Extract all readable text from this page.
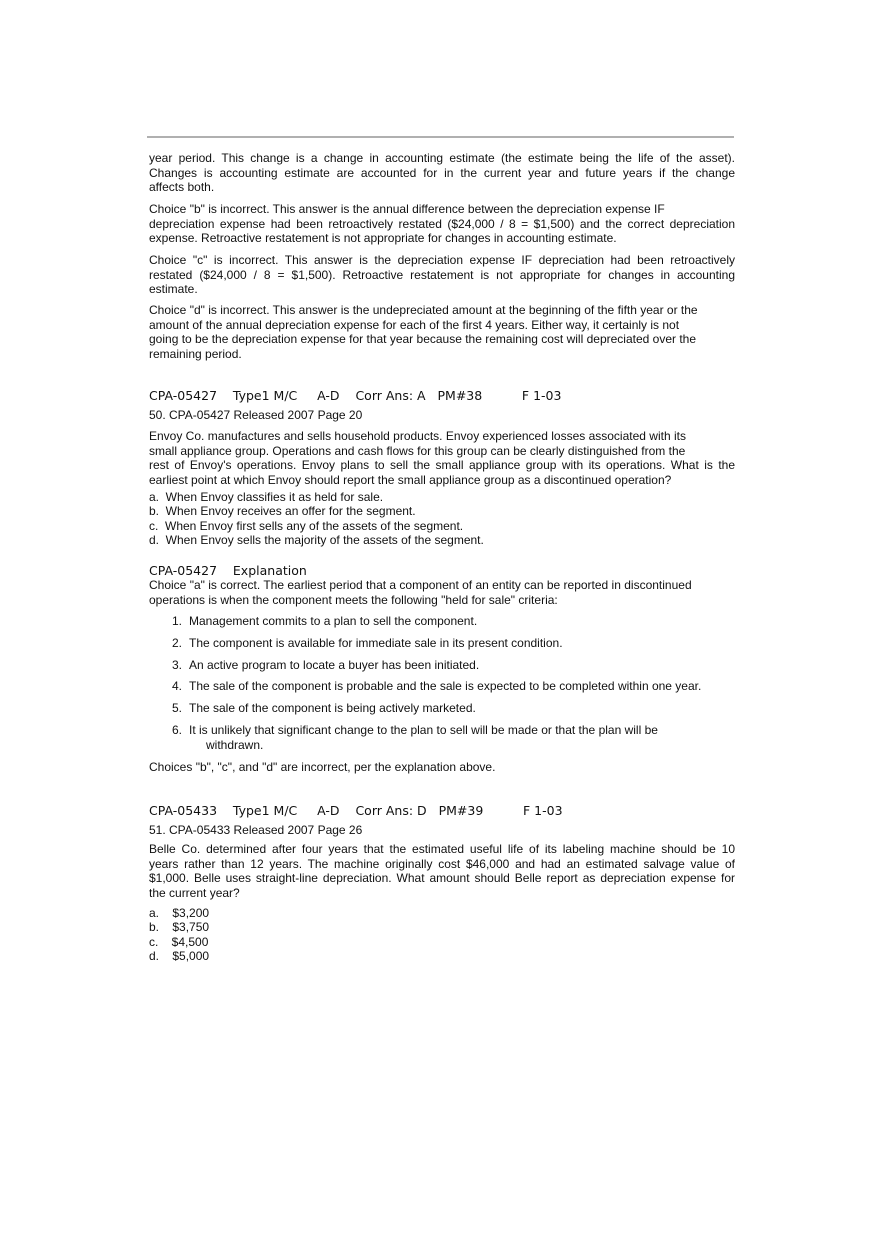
year period. This change is a change in accounting estimate (the estimate being the life of the asset).
Changes is accounting estimate are accounted for in the current year and future years if the change
affects both.
Choice "b" is incorrect. This answer is the annual difference between the depreciation expense IF
depreciation expense had been retroactively restated ($24,000 / 8 = $1,500) and the correct depreciation
expense. Retroactive restatement is not appropriate for changes in accounting estimate.
Choice "c" is incorrect. This answer is the depreciation expense IF depreciation had been retroactively
restated ($24,000 / 8 = $1,500). Retroactive restatement is not appropriate for changes in accounting
estimate.
Choice "d" is incorrect. This answer is the undepreciated amount at the beginning of the fifth year or the
amount of the annual depreciation expense for each of the first 4 years. Either way, it certainly is not
going to be the depreciation expense for that year because the remaining cost will depreciated over the
remaining period.
CPA-05427    Type1 M/C     A-D    Corr Ans: A   PM#38          F 1-03
50. CPA-05427 Released 2007 Page 20
Envoy Co. manufactures and sells household products. Envoy experienced losses associated with its
small appliance group. Operations and cash flows for this group can be clearly distinguished from the
rest of Envoy's operations. Envoy plans to sell the small appliance group with its operations. What is the
earliest point at which Envoy should report the small appliance group as a discontinued operation?
a.  When Envoy classifies it as held for sale.
b.  When Envoy receives an offer for the segment.
c.  When Envoy first sells any of the assets of the segment.
d.  When Envoy sells the majority of the assets of the segment.
CPA-05427    Explanation
Choice "a" is correct. The earliest period that a component of an entity can be reported in discontinued
operations is when the component meets the following "held for sale" criteria:
1. Management commits to a plan to sell the component.
2. The component is available for immediate sale in its present condition.
3. An active program to locate a buyer has been initiated.
4. The sale of the component is probable and the sale is expected to be completed within one year.
5. The sale of the component is being actively marketed.
6. It is unlikely that significant change to the plan to sell will be made or that the plan will be
withdrawn.
Choices "b", "c", and "d" are incorrect, per the explanation above.
CPA-05433    Type1 M/C     A-D    Corr Ans: D   PM#39          F 1-03
51. CPA-05433 Released 2007 Page 26
Belle Co. determined after four years that the estimated useful life of its labeling machine should be 10
years rather than 12 years. The machine originally cost $46,000 and had an estimated salvage value of
$1,000. Belle uses straight-line depreciation. What amount should Belle report as depreciation expense for
the current year?
a.    $3,200
b.    $3,750
c.    $4,500
d.    $5,000
